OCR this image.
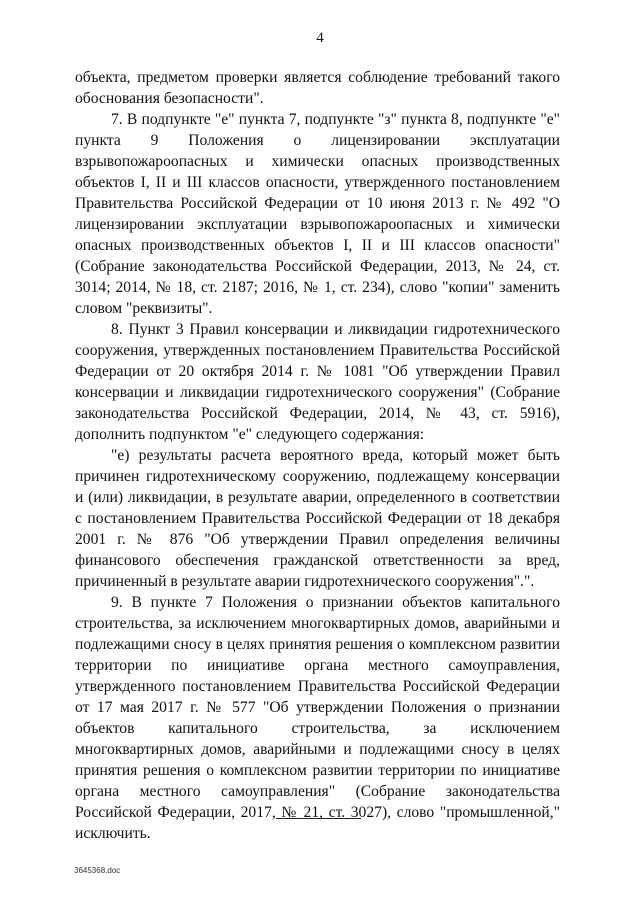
4

объекта, предметом проверки является соблюдение требований такого обоснования безопасности".

7. В подпункте "е" пункта 7, подпункте "з" пункта 8, подпункте "е" пункта 9 Положения о лицензировании эксплуатации взрывопожароопасных и химически опасных производственных объектов I, II и III классов опасности, утвержденного постановлением Правительства Российской Федерации от 10 июня 2013 г. № 492 "О лицензировании эксплуатации взрывопожароопасных и химически опасных производственных объектов I, II и III классов опасности" (Собрание законодательства Российской Федерации, 2013, № 24, ст. 3014; 2014, № 18, ст. 2187; 2016, № 1, ст. 234), слово "копии" заменить словом "реквизиты".

8. Пункт 3 Правил консервации и ликвидации гидротехнического сооружения, утвержденных постановлением Правительства Российской Федерации от 20 октября 2014 г. № 1081 "Об утверждении Правил консервации и ликвидации гидротехнического сооружения" (Собрание законодательства Российской Федерации, 2014, № 43, ст. 5916), дополнить подпунктом "е" следующего содержания:

"е) результаты расчета вероятного вреда, который может быть причинен гидротехническому сооружению, подлежащему консервации и (или) ликвидации, в результате аварии, определенного в соответствии с постановлением Правительства Российской Федерации от 18 декабря 2001 г. № 876 "Об утверждении Правил определения величины финансового обеспечения гражданской ответственности за вред, причиненный в результате аварии гидротехнического сооружения".".

9. В пункте 7 Положения о признании объектов капитального строительства, за исключением многоквартирных домов, аварийными и подлежащими сносу в целях принятия решения о комплексном развитии территории по инициативе органа местного самоуправления, утвержденного постановлением Правительства Российской Федерации от 17 мая 2017 г. № 577 "Об утверждении Положения о признании объектов капитального строительства, за исключением многоквартирных домов, аварийными и подлежащими сносу в целях принятия решения о комплексном развитии территории по инициативе органа местного самоуправления" (Собрание законодательства Российской Федерации, 2017, № 21, ст. 3027), слово "промышленной," исключить.

3645368.doc
